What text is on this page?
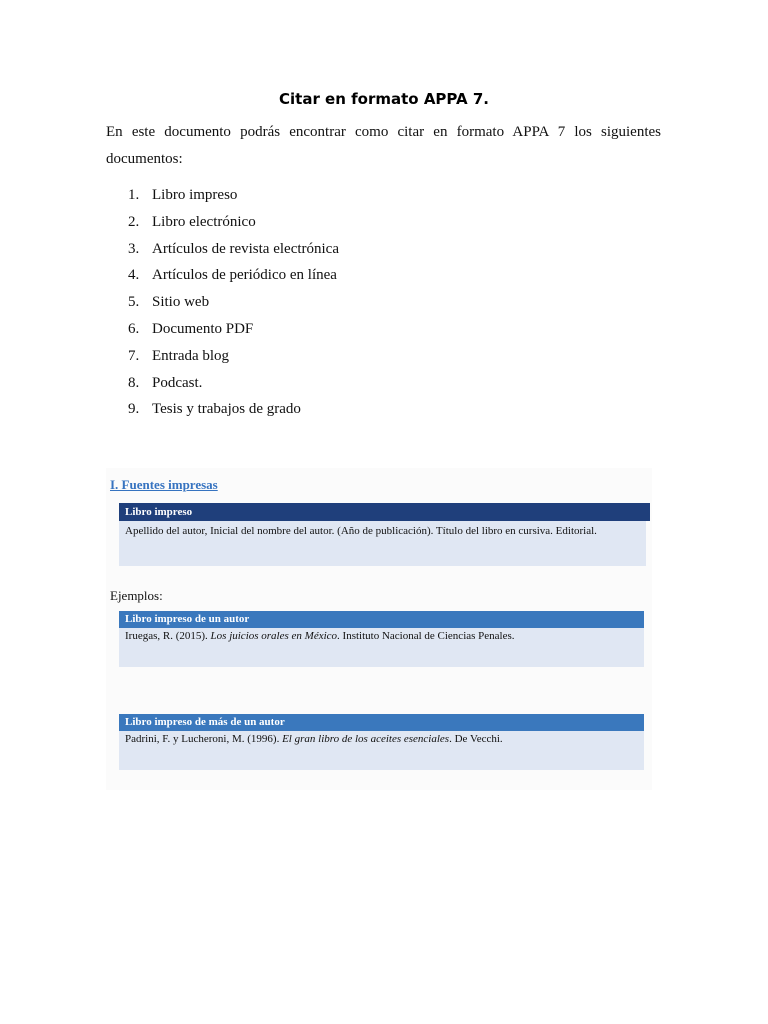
Citar en formato APPA 7.

En este documento podrás encontrar como citar en formato APPA 7 los siguientes documentos:

1. Libro impreso
2. Libro electrónico
3. Artículos de revista electrónica
4. Artículos de periódico en línea
5. Sitio web
6. Documento PDF
7. Entrada blog
8. Podcast.
9. Tesis y trabajos de grado
I. Fuentes impresas
Libro impreso
Apellido del autor, Inicial del nombre del autor. (Año de publicación). Título del libro en cursiva. Editorial.
Ejemplos:
Libro impreso de un autor
Iruegas, R. (2015). Los juicios orales en México. Instituto Nacional de Ciencias Penales.
Libro impreso de más de un autor
Padrini, F. y Lucheroni, M. (1996). El gran libro de los aceites esenciales. De Vecchi.
